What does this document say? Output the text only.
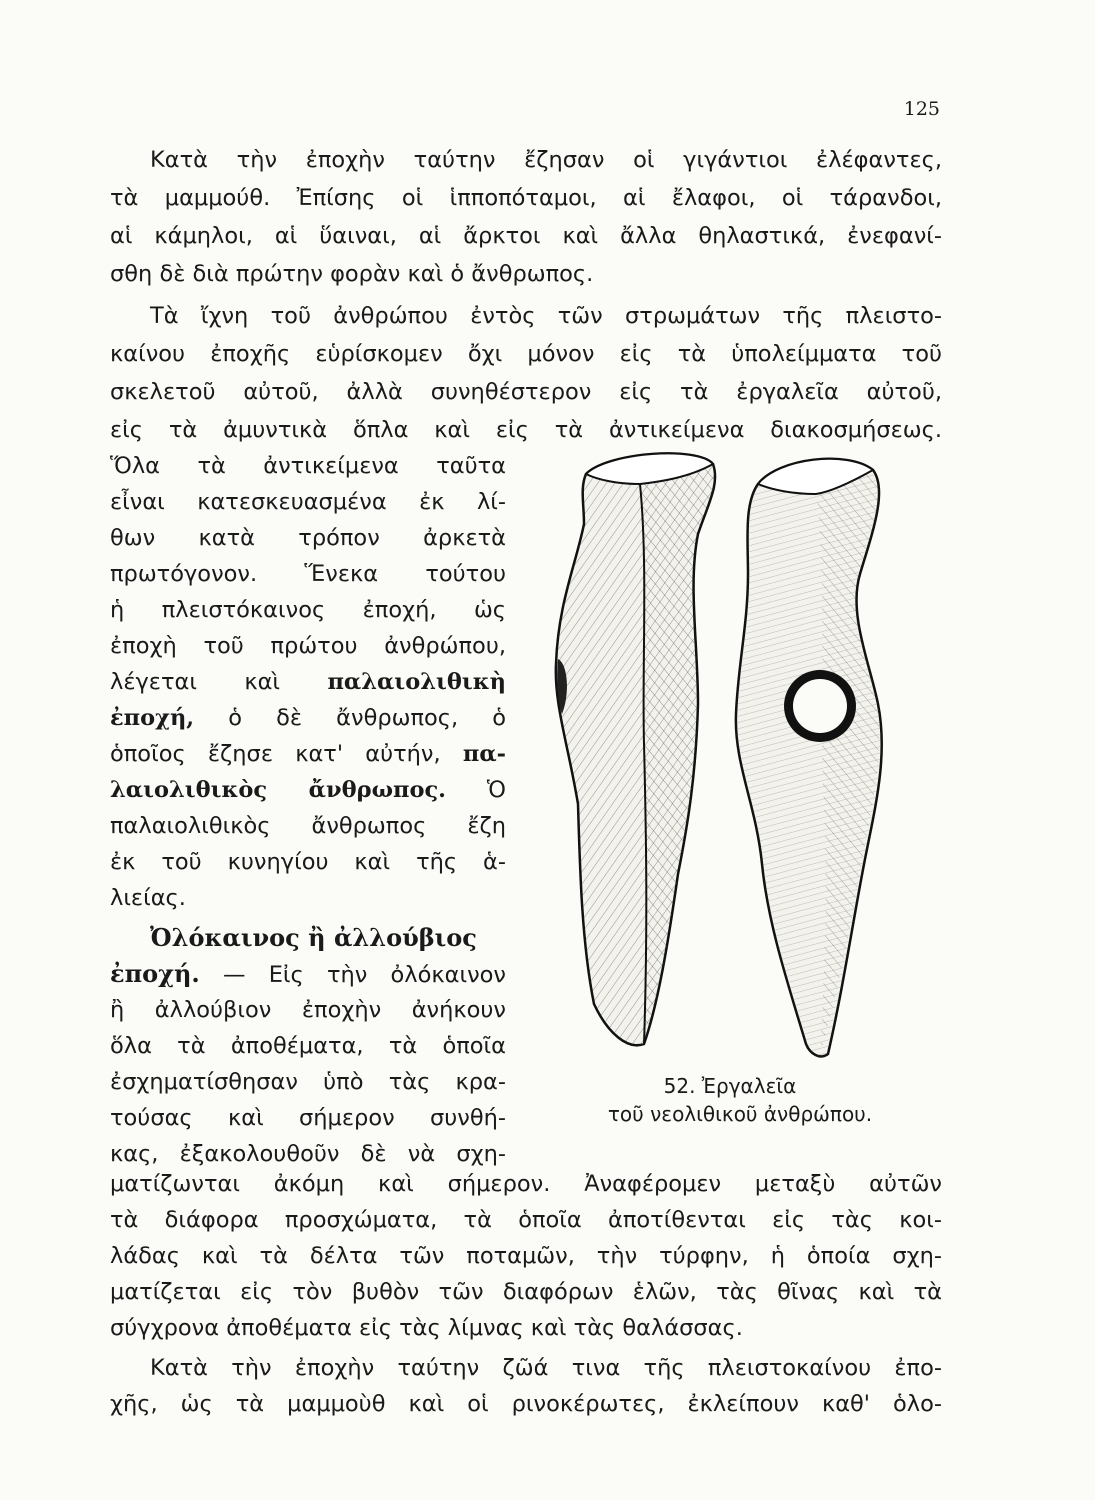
125
Κατὰ τὴν ἐποχὴν ταύτην ἔζησαν οἱ γιγάντιοι ἐλέφαντες,
τὰ μαμμούθ. Ἐπίσης οἱ ἱπποπόταμοι, αἱ ἔλαφοι, οἱ τάρανδοι,
αἱ κάμηλοι, αἱ ὕαιναι, αἱ ἄρκτοι καὶ ἄλλα θηλαστικά, ἐνεφανί-
σθη δὲ διὰ πρώτην φορὰν καὶ ὁ ἄνθρωπος.
Τὰ ἴχνη τοῦ ἀνθρώπου ἐντὸς τῶν στρωμάτων τῆς πλειστο-
καίνου ἐποχῆς εὑρίσκομεν ὄχι μόνον εἰς τὰ ὑπολείμματα τοῦ
σκελετοῦ αὐτοῦ, ἀλλὰ συνηθέστερον εἰς τὰ ἐργαλεῖα αὐτοῦ,
εἰς τὰ ἀμυντικὰ ὅπλα καὶ εἰς τὰ ἀντικείμενα διακοσμήσεως.
Ὅλα τὰ ἀντικείμενα ταῦτα
εἶναι κατεσκευασμένα ἐκ λί-
θων κατὰ τρόπον ἀρκετὰ
πρωτόγονον. Ἕνεκα τούτου
ἡ πλειστόκαινος ἐποχή, ὡς
ἐποχὴ τοῦ πρώτου ἀνθρώπου,
λέγεται καὶ παλαιολιθικὴ
ἐποχή, ὁ δὲ ἄνθρωπος, ὁ
ὁποῖος ἔζησε κατ' αὐτήν, πα-
λαιολιθικὸς ἄνθρωπος. Ὁ
παλαιολιθικὸς ἄνθρωπος ἔζη
ἐκ τοῦ κυνηγίου καὶ τῆς ἁ-
λιείας.
Ὀλόκαινος ἢ ἀλλούβιος
ἐποχή. — Εἰς τὴν ὀλόκαινον
ἢ ἀλλούβιον ἐποχὴν ἀνήκουν
ὅλα τὰ ἀποθέματα, τὰ ὁποῖα
ἐσχηματίσθησαν ὑπὸ τὰς κρα-
τούσας καὶ σήμερον συνθή-
κας, ἐξακολουθοῦν δὲ νὰ σχη-
ματίζωνται ἀκόμη καὶ σήμερον. Ἀναφέρομεν μεταξὺ αὐτῶν
τὰ διάφορα προσχώματα, τὰ ὁποῖα ἀποτίθενται εἰς τὰς κοι-
λάδας καὶ τὰ δέλτα τῶν ποταμῶν, τὴν τύρφην, ἡ ὁποία σχη-
ματίζεται εἰς τὸν βυθὸν τῶν διαφόρων ἑλῶν, τὰς θῖνας καὶ τὰ
σύγχρονα ἀποθέματα εἰς τὰς λίμνας καὶ τὰς θαλάσσας.
Κατὰ τὴν ἐποχὴν ταύτην ζῶά τινα τῆς πλειστοκαίνου ἐπο-
χῆς, ὡς τὰ μαμμοὺθ καὶ οἱ ρινοκέρωτες, ἐκλείπουν καθ' ὁλο-
52. Ἐργαλεῖα
τοῦ νεολιθικοῦ ἀνθρώπου.
